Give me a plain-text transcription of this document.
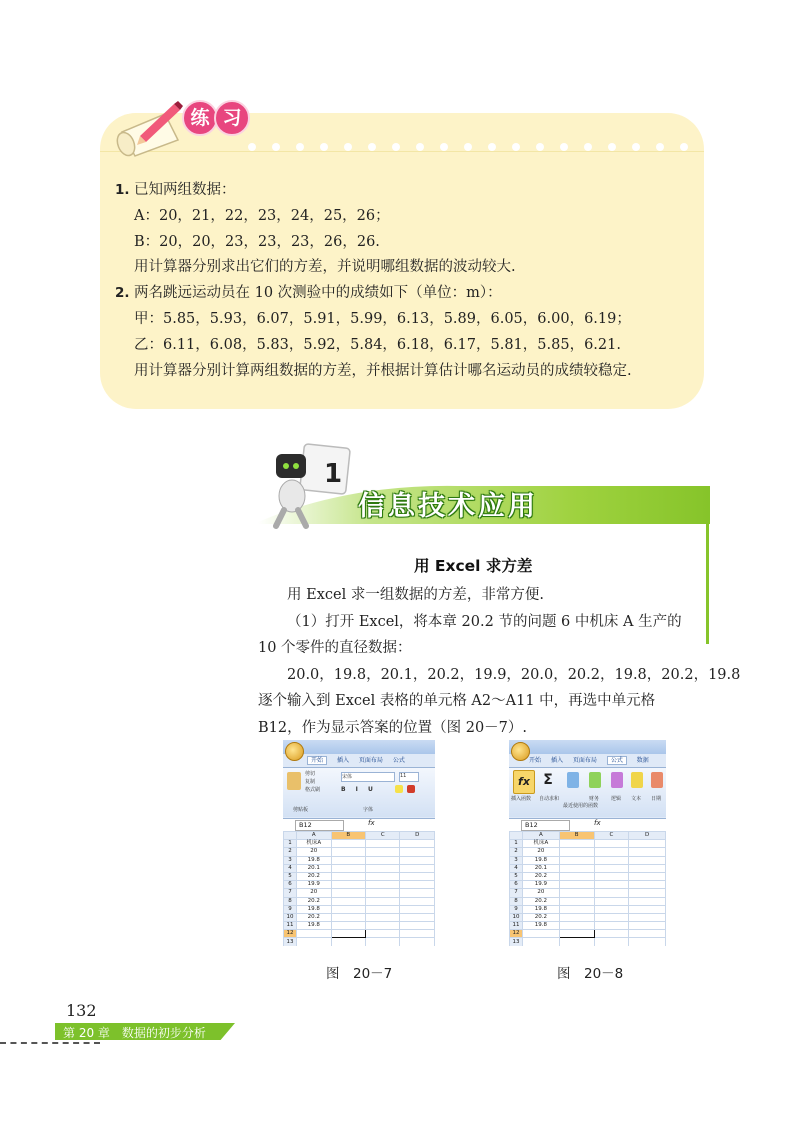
练 习
1. 已知两组数据：
A：20，21，22，23，24，25，26；
B：20，20，23，23，23，26，26.
用计算器分别求出它们的方差，并说明哪组数据的波动较大.
2. 两名跳远运动员在 10 次测验中的成绩如下（单位：m）：
甲：5.85，5.93，6.07，5.91，5.99，6.13，5.89，6.05，6.00，6.19；
乙：6.11，6.08，5.83，5.92，5.84，6.18，6.17，5.81，5.85，6.21.
用计算器分别计算两组数据的方差，并根据计算估计哪名运动员的成绩较稳定.
1
信息技术应用
用 Excel 求方差
用 Excel 求一组数据的方差，非常方便.
（1）打开 Excel，将本章 20.2 节的问题 6 中机床 A 生产的
10 个零件的直径数据：
20.0，19.8，20.1，20.2，19.9，20.0，20.2，19.8，20.2，19.8
逐个输入到 Excel 表格的单元格 A2～A11 中，再选中单元格
B12，作为显示答案的位置（图 20－7）.
开始 插入 页面布局 公式
剪切
复制
格式刷
宋体	11
B I U
剪贴板	字体
B12	fx
	A	B	C	D
1	机床A			
2	20			
3	19.8			
4	20.1			
5	20.2			
6	19.9			
7	20			
8	20.2			
9	19.8			
10	20.2			
11	19.8			
12				
13				
开始 插入 页面布局 公式 数据
fx Σ
插入函数 自动求和
最近使用的函数
财务 逻辑 文本 日期
B12	fx
	A	B	C	D
1	机床A			
2	20			
3	19.8			
4	20.1			
5	20.2			
6	19.9			
7	20			
8	20.2			
9	19.8			
10	20.2			
11	19.8			
12				
13				
图　20－7	图　20－8
132
第 20 章　数据的初步分析
